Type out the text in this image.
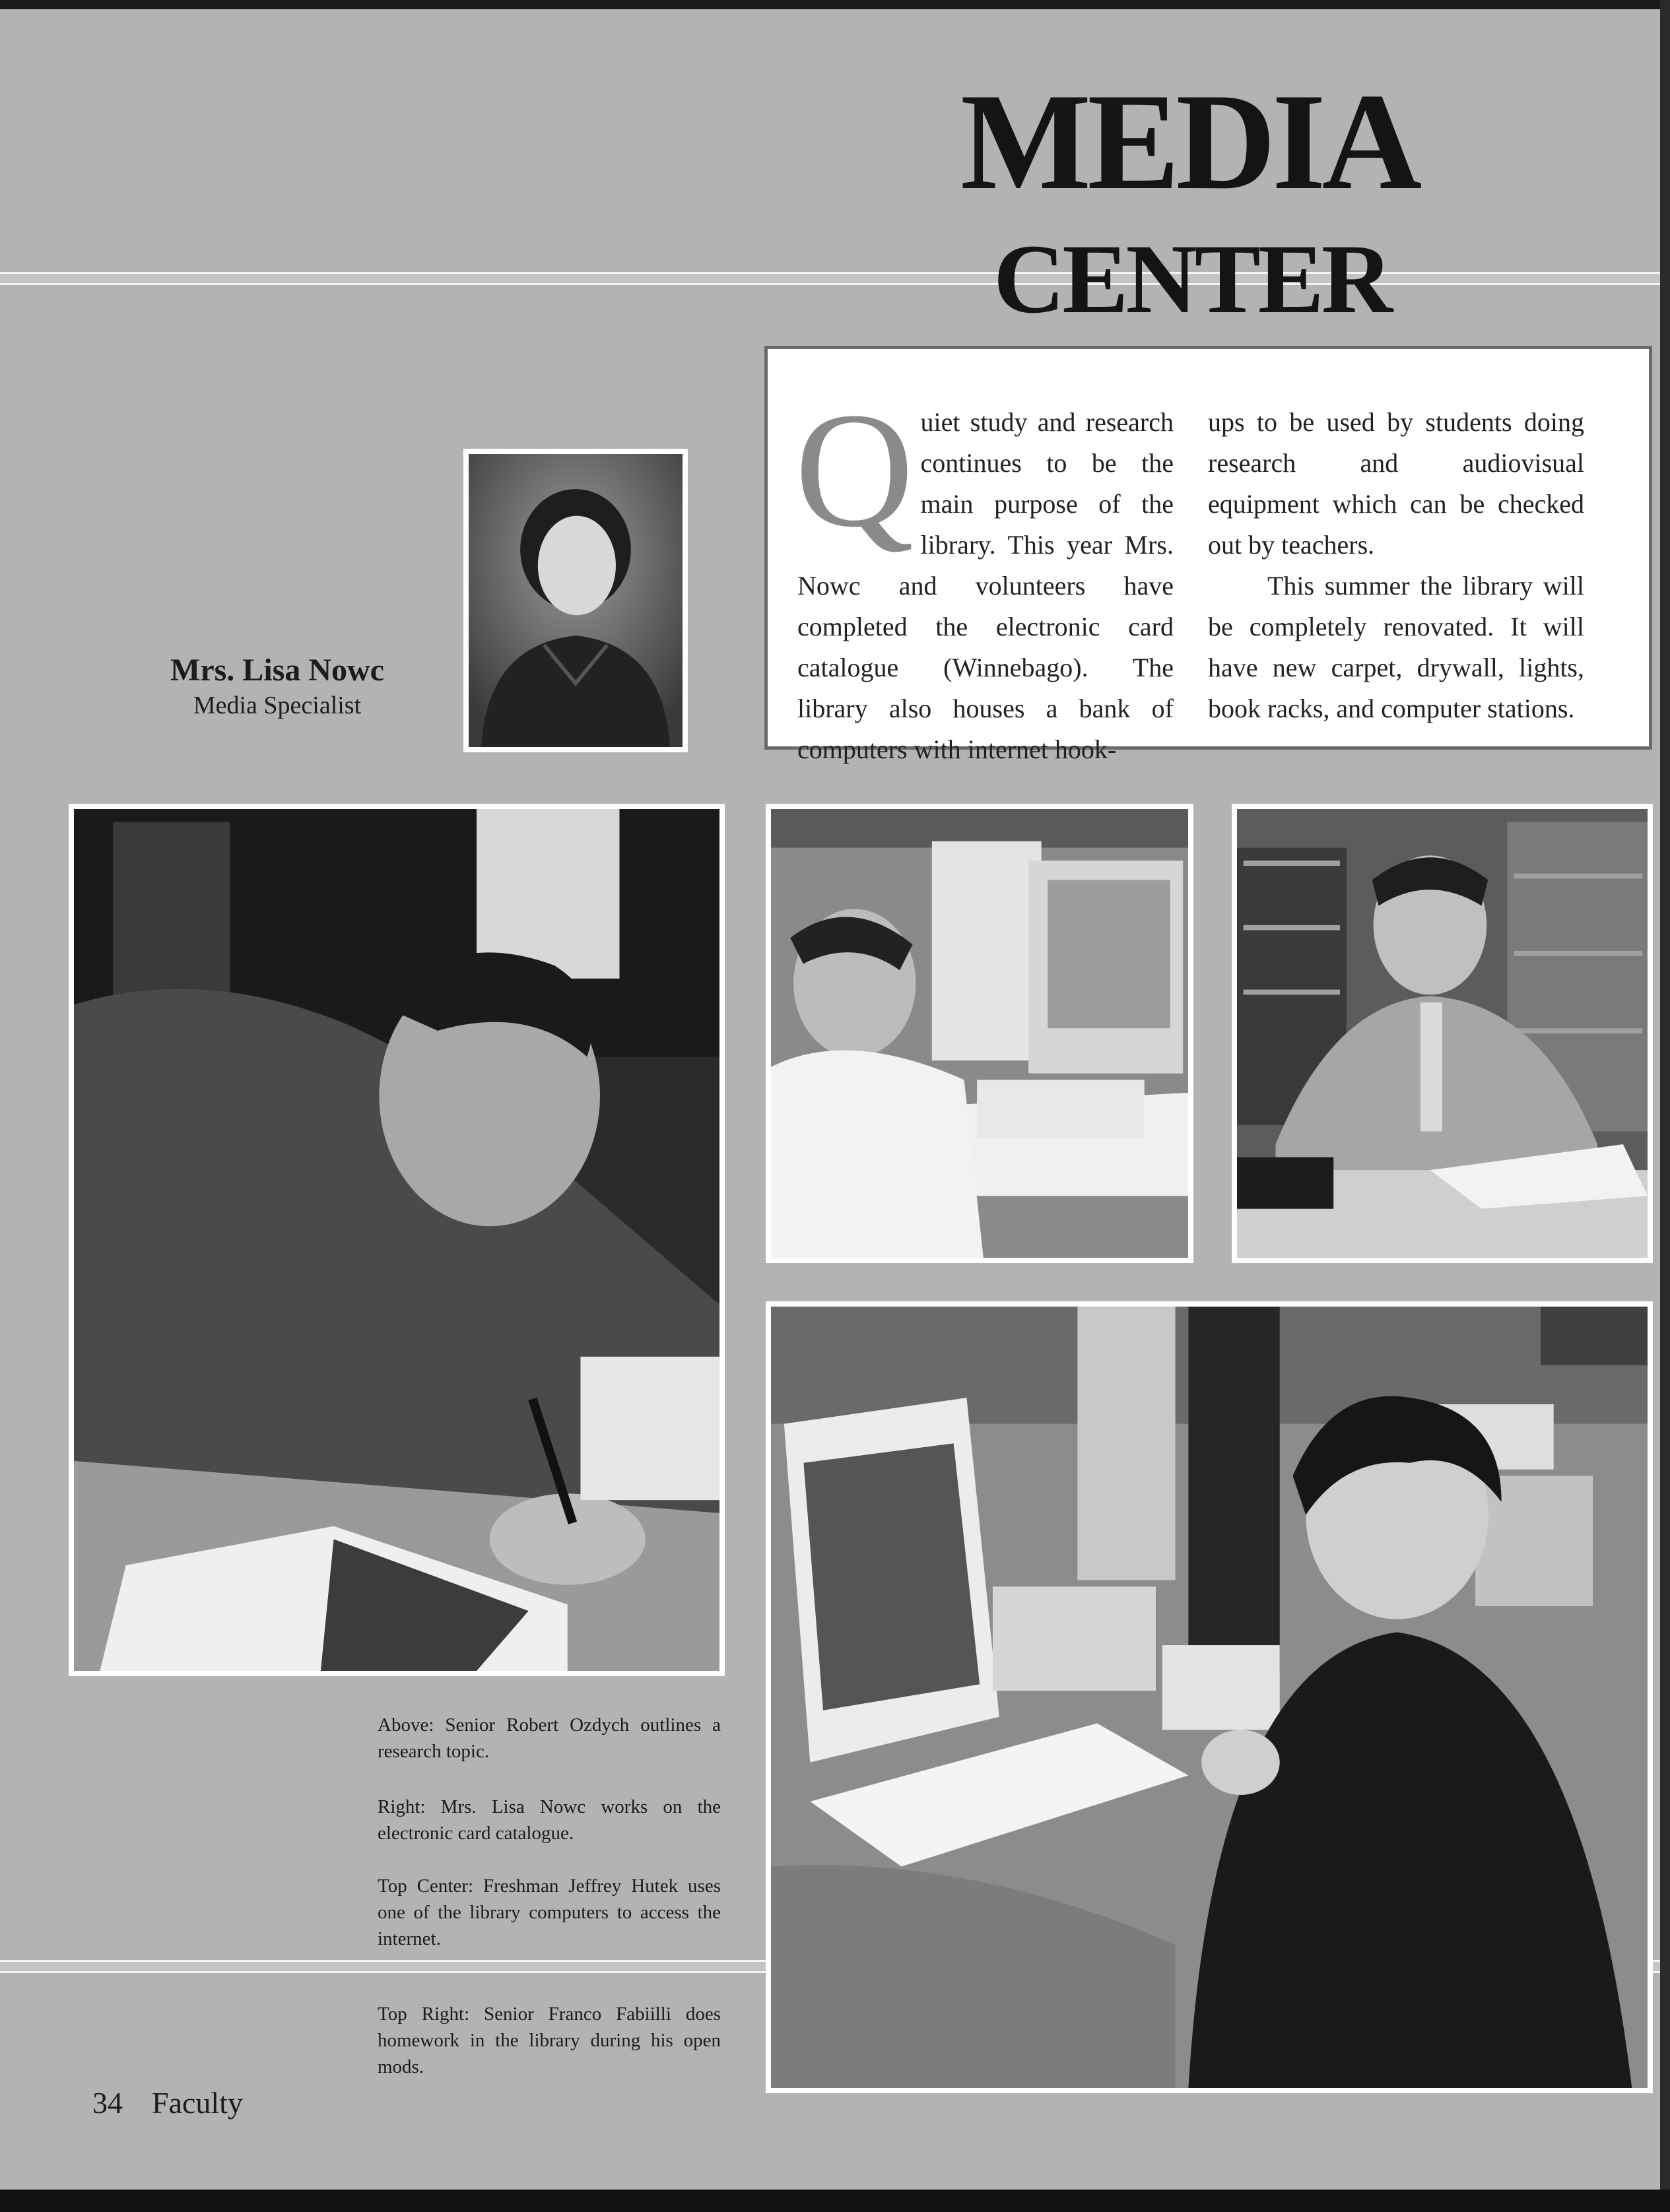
MEDIA
CENTER

Quiet study and research continues to be the main purpose of the library. This year Mrs. Nowc and volunteers have completed the electronic card catalogue (Winnebago). The library also houses a bank of computers with internet hook-

ups to be used by students doing research and audiovisual equipment which can be checked out by teachers.

This summer the library will be completely renovated. It will have new carpet, drywall, lights, book racks, and computer stations.

Mrs. Lisa Nowc
Media Specialist
Above: Senior Robert Ozdych outlines a research topic.
Right: Mrs. Lisa Nowc works on the electronic card catalogue.
Top Center: Freshman Jeffrey Hutek uses one of the library computers to access the internet.
Top Right: Senior Franco Fabiilli does homework in the library during his open mods.
34 Faculty
